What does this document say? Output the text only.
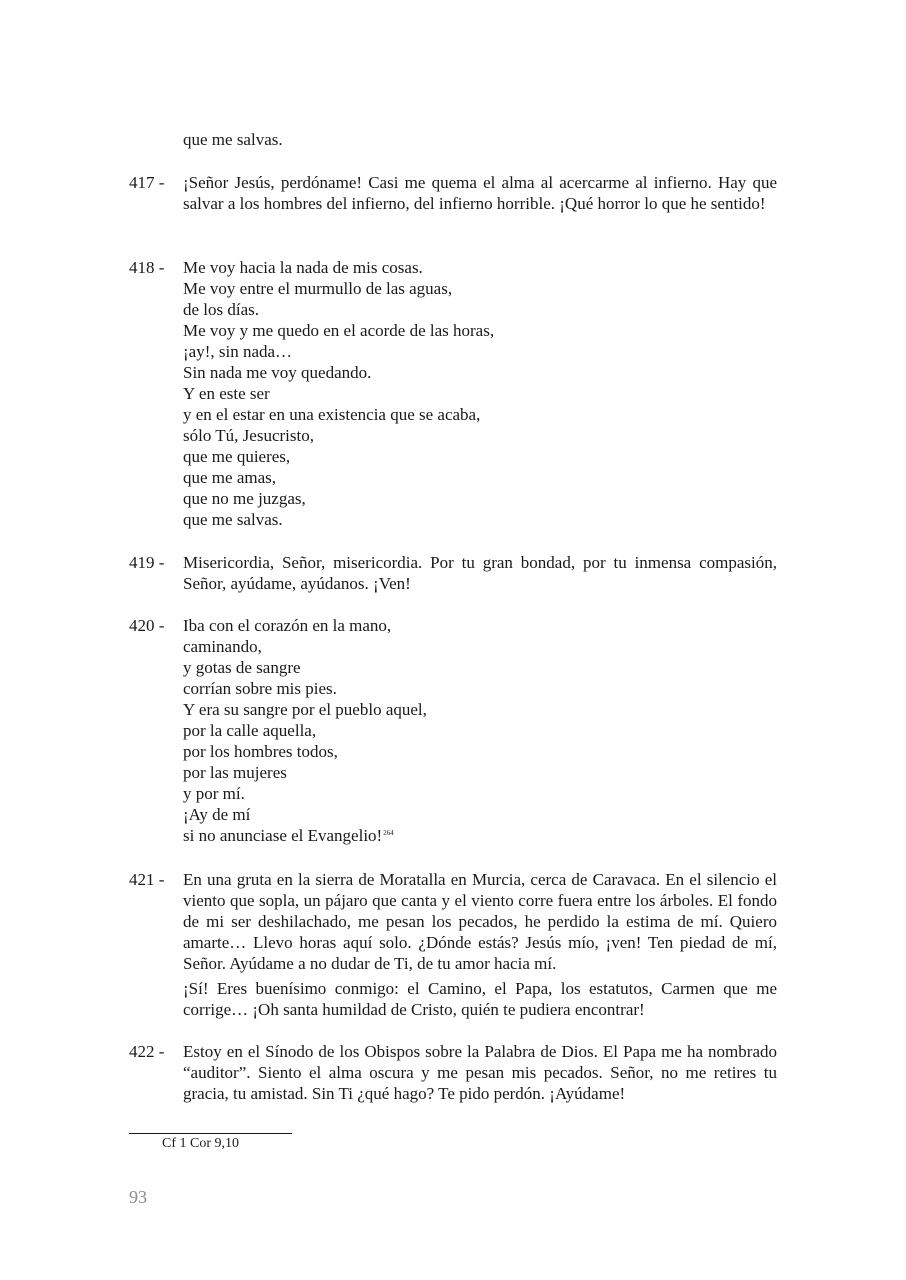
que me salvas.
417 -	¡Señor Jesús, perdóname! Casi me quema el alma al acercarme al infierno. Hay que salvar a los hombres del infierno, del infierno horrible. ¡Qué horror lo que he sentido!
418 -	Me voy hacia la nada de mis cosas.
Me voy entre el murmullo de las aguas,
de los días.
Me voy y me quedo en el acorde de las horas,
¡ay!, sin nada…
Sin nada me voy quedando.
Y en este ser
y en el estar en una existencia que se acaba,
sólo Tú, Jesucristo,
que me quieres,
que me amas,
que no me juzgas,
que me salvas.
419 -	Misericordia, Señor, misericordia. Por tu gran bondad, por tu inmensa compasión, Señor, ayúdame, ayúdanos. ¡Ven!
420 -	Iba con el corazón en la mano,
caminando,
y gotas de sangre
corrían sobre mis pies.
Y era su sangre por el pueblo aquel,
por la calle aquella,
por los hombres todos,
por las mujeres
y por mí.
¡Ay de mí
si no anunciase el Evangelio!$^{264}$
421 -	En una gruta en la sierra de Moratalla en Murcia, cerca de Caravaca. En el silencio el viento que sopla, un pájaro que canta y el viento corre fuera entre los árboles. El fondo de mi ser deshilachado, me pesan los pecados, he perdido la estima de mí. Quiero amarte… Llevo horas aquí solo. ¿Dónde estás? Jesús mío, ¡ven! Ten piedad de mí, Señor. Ayúdame a no dudar de Ti, de tu amor hacia mí.
¡Sí! Eres buenísimo conmigo: el Camino, el Papa, los estatutos, Carmen que me corrige… ¡Oh santa humildad de Cristo, quién te pudiera encontrar!
422 -	Estoy en el Sínodo de los Obispos sobre la Palabra de Dios. El Papa me ha nombrado “auditor”. Siento el alma oscura y me pesan mis pecados. Señor, no me retires tu gracia, tu amistad. Sin Ti ¿qué hago? Te pido perdón. ¡Ayúdame!
Cf 1 Cor 9,10
93
